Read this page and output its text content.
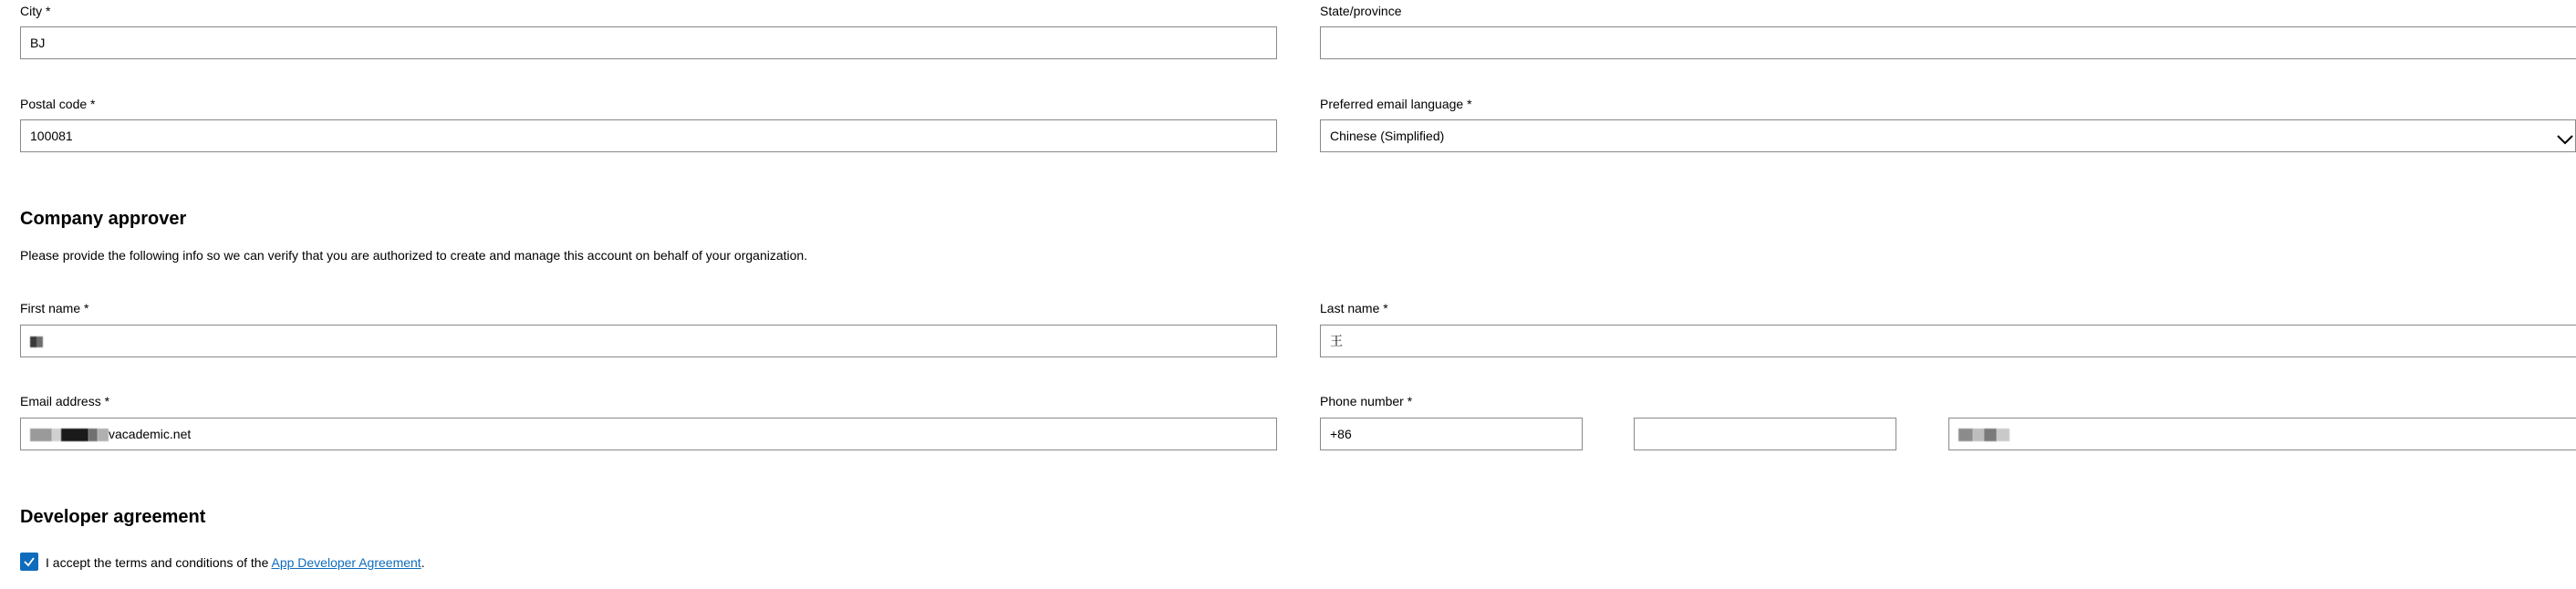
City *
BJ
State/province
Postal code *
100081
Preferred email language *
Chinese (Simplified)
Company approver
Please provide the following info so we can verify that you are authorized to create and manage this account on behalf of your organization.
First name *	Last name *
王
Email address *
vacademic.net
Phone number *
+86
Developer agreement
I accept the terms and conditions of the App Developer Agreement.
